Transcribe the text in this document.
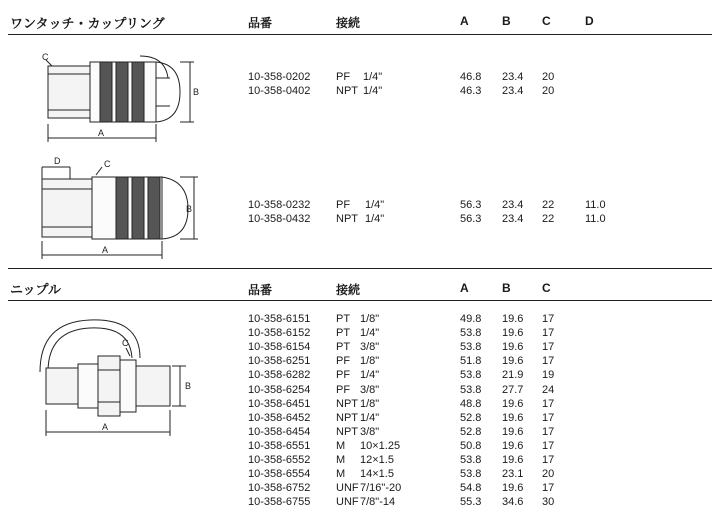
ワンタッチ・カップリング	品番	接続	A	B	C	D
10-358-0202 PF 1/4"	46.8 23.4 20
10-358-0402 NPT 1/4"	46.3 23.4 20
10-358-0232 PF 1/4"	56.3 23.4 22	11.0
10-358-0432 NPT 1/4"	56.3 23.4 22	11.0
A
B
C
A
B
C
D
ニップル	品番	接続	A	B	C
10-358-6151 PT 1/8"	49.8 19.6 17
10-358-6152 PT 1/4"	53.8 19.6 17
10-358-6154 PT 3/8"	53.8 19.6 17
10-358-6251 PF 1/8"	51.8 19.6 17
10-358-6282 PF 1/4"	53.8 21.9 19
10-358-6254 PF 3/8"	53.8 27.7 24
10-358-6451 NPT 1/8"	48.8 19.6 17
10-358-6452 NPT 1/4"	52.8 19.6 17
10-358-6454 NPT 3/8"	52.8 19.6 17
10-358-6551 M 10×1.25	50.8 19.6 17
10-358-6552 M 12×1.5	53.8 19.6 17
10-358-6554 M 14×1.5	53.8 23.1 20
10-358-6752 UNF 7/16"-20	54.8 19.6 17
10-358-6755 UNF 7/8"-14	55.3 34.6 30
A
B
C
